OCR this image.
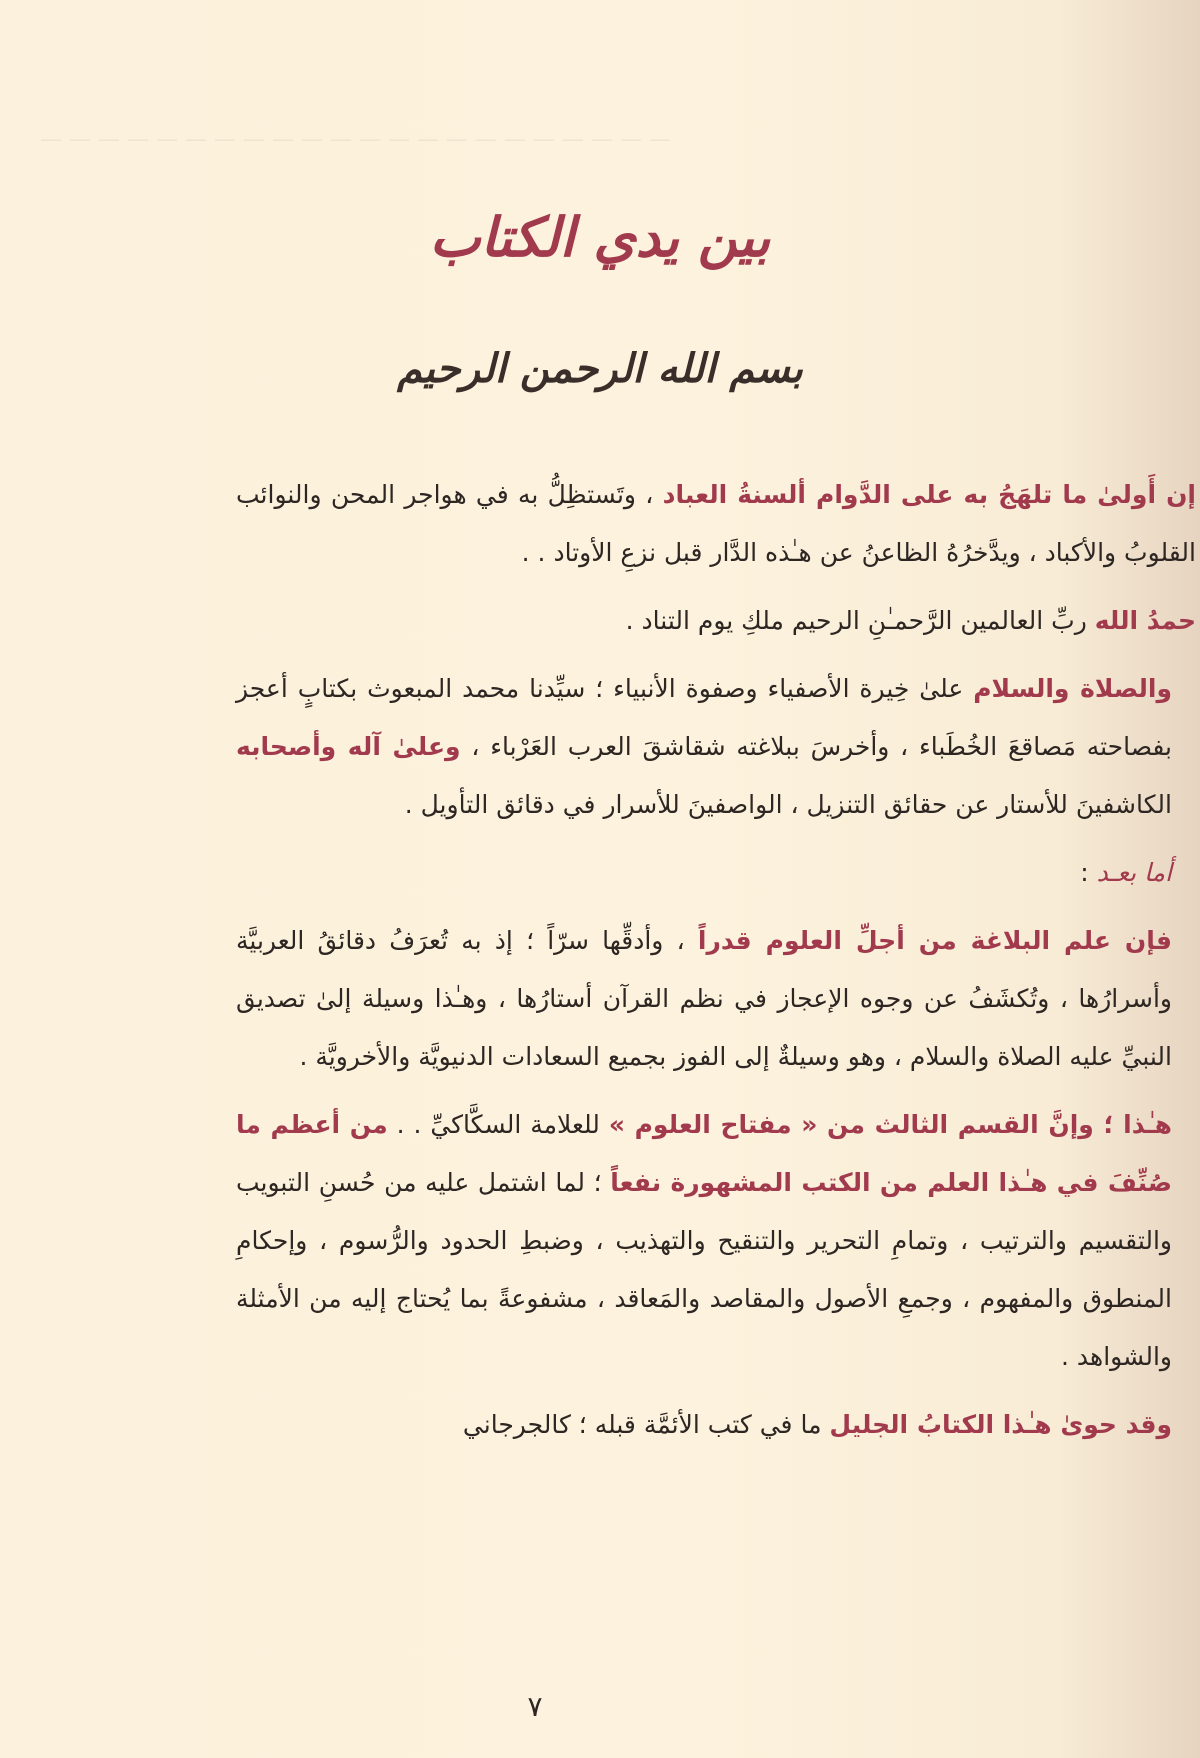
— — — — — — — — — — — — — — — — — — — — — —
بين يدي الكتاب
بسم الله الرحمن الرحيم

إن أَولىٰ ما تلهَجُ به على الدَّوام ألسنةُ العباد ، وتَستظِلُّ به في هواجر المحن والنوائب القلوبُ والأكباد ، ويدَّخرُهُ الظاعنُ عن هـٰذه الدَّار قبل نزعِ الأوتاد . .

حمدُ الله ربِّ العالمين الرَّحمـٰنِ الرحيم ملكِ يوم التناد .

والصلاة والسلام علىٰ خِيرة الأصفياء وصفوة الأنبياء ؛ سيِّدنا محمد المبعوث بكتابٍ أعجز بفصاحته مَصاقعَ الخُطَباء ، وأخرسَ ببلاغته شقاشقَ العرب العَرْباء ، وعلىٰ آله وأصحابه الكاشفينَ للأستار عن حقائق التنزيل ، الواصفينَ للأسرار في دقائق التأويل .

أما بعـد :

فإن علم البلاغة من أجلِّ العلوم قدراً ، وأدقِّها سرّاً ؛ إذ به تُعرَفُ دقائقُ العربيَّة وأسرارُها ، وتُكشَفُ عن وجوه الإعجاز في نظم القرآن أستارُها ، وهـٰذا وسيلة إلىٰ تصديق النبيِّ عليه الصلاة والسلام ، وهو وسيلةٌ إلى الفوز بجميع السعادات الدنيويَّة والأخرويَّة .

هـٰذا ؛ وإنَّ القسم الثالث من « مفتاح العلوم » للعلامة السكَّاكيِّ . . من أعظم ما صُنِّفَ في هـٰذا العلم من الكتب المشهورة نفعاً ؛ لما اشتمل عليه من حُسنِ التبويب والتقسيم والترتيب ، وتمامِ التحرير والتنقيح والتهذيب ، وضبطِ الحدود والرُّسوم ، وإحكامِ المنطوق والمفهوم ، وجمعِ الأصول والمقاصد والمَعاقد ، مشفوعةً بما يُحتاج إليه من الأمثلة والشواهد .

وقد حوىٰ هـٰذا الكتابُ الجليل ما في كتب الأئمَّة قبله ؛ كالجرجاني

٧
